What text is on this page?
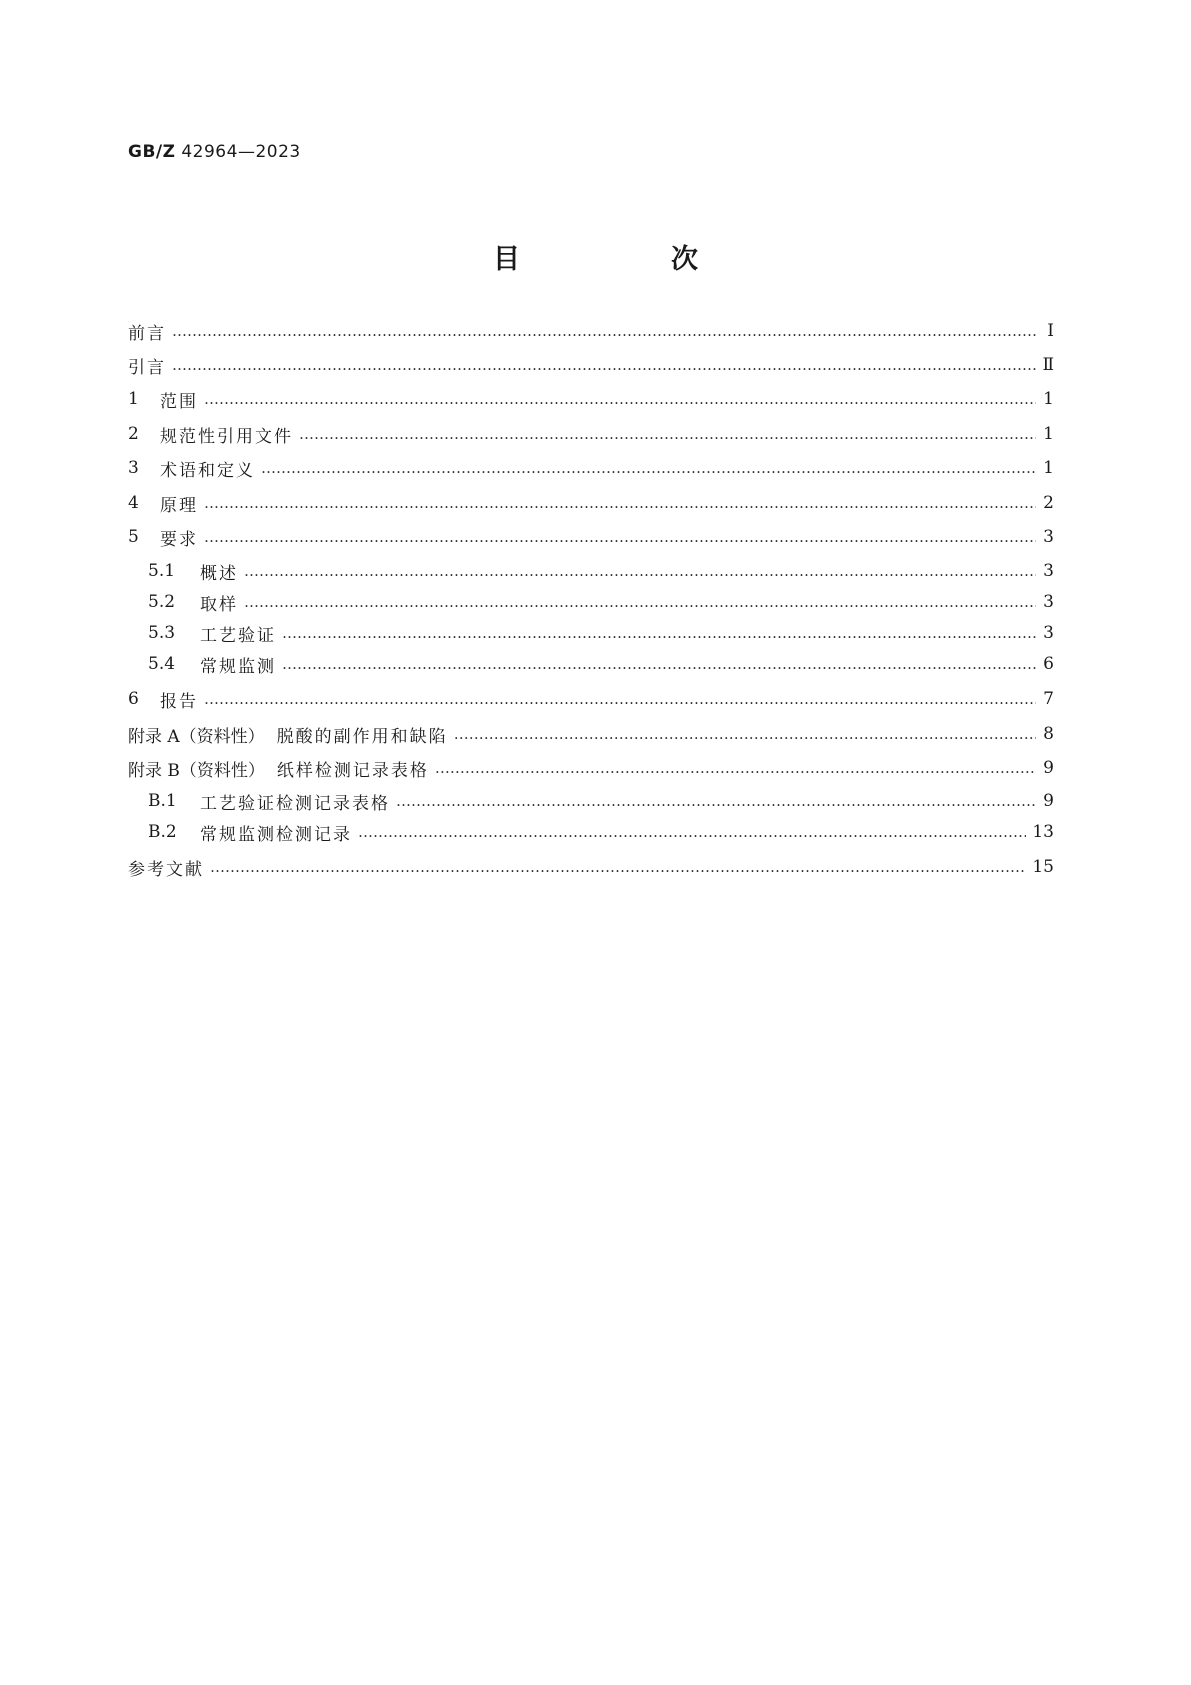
GB/Z 42964—2023
目　次
前言 …………………………………………………………………………………………………………………………………………………………………………………………………………………	Ⅰ
引言 …………………………………………………………………………………………………………………………………………………………………………………………………………………	Ⅱ
1	范围 …………………………………………………………………………………………………………………………………………………………………………………………………………………	1
2	规范性引用文件 …………………………………………………………………………………………………………………………………………………………………………………………………………………	1
3	术语和定义 …………………………………………………………………………………………………………………………………………………………………………………………………………………	1
4	原理 …………………………………………………………………………………………………………………………………………………………………………………………………………………	2
5	要求 …………………………………………………………………………………………………………………………………………………………………………………………………………………	3
5.1	概述 …………………………………………………………………………………………………………………………………………………………………………………………………………………	3
5.2	取样 …………………………………………………………………………………………………………………………………………………………………………………………………………………	3
5.3	工艺验证 …………………………………………………………………………………………………………………………………………………………………………………………………………………	3
5.4	常规监测 …………………………………………………………………………………………………………………………………………………………………………………………………………………	6
6	报告 …………………………………………………………………………………………………………………………………………………………………………………………………………………	7
附录 A（资料性） 脱酸的副作用和缺陷 …………………………………………………………………………………………………………………………………………………………………………………………………………………	8
附录 B（资料性） 纸样检测记录表格 …………………………………………………………………………………………………………………………………………………………………………………………………………………	9
B.1	工艺验证检测记录表格 …………………………………………………………………………………………………………………………………………………………………………………………………………………	9
B.2	常规监测检测记录 …………………………………………………………………………………………………………………………………………………………………………………………………………………	13
参考文献 …………………………………………………………………………………………………………………………………………………………………………………………………………………	15
